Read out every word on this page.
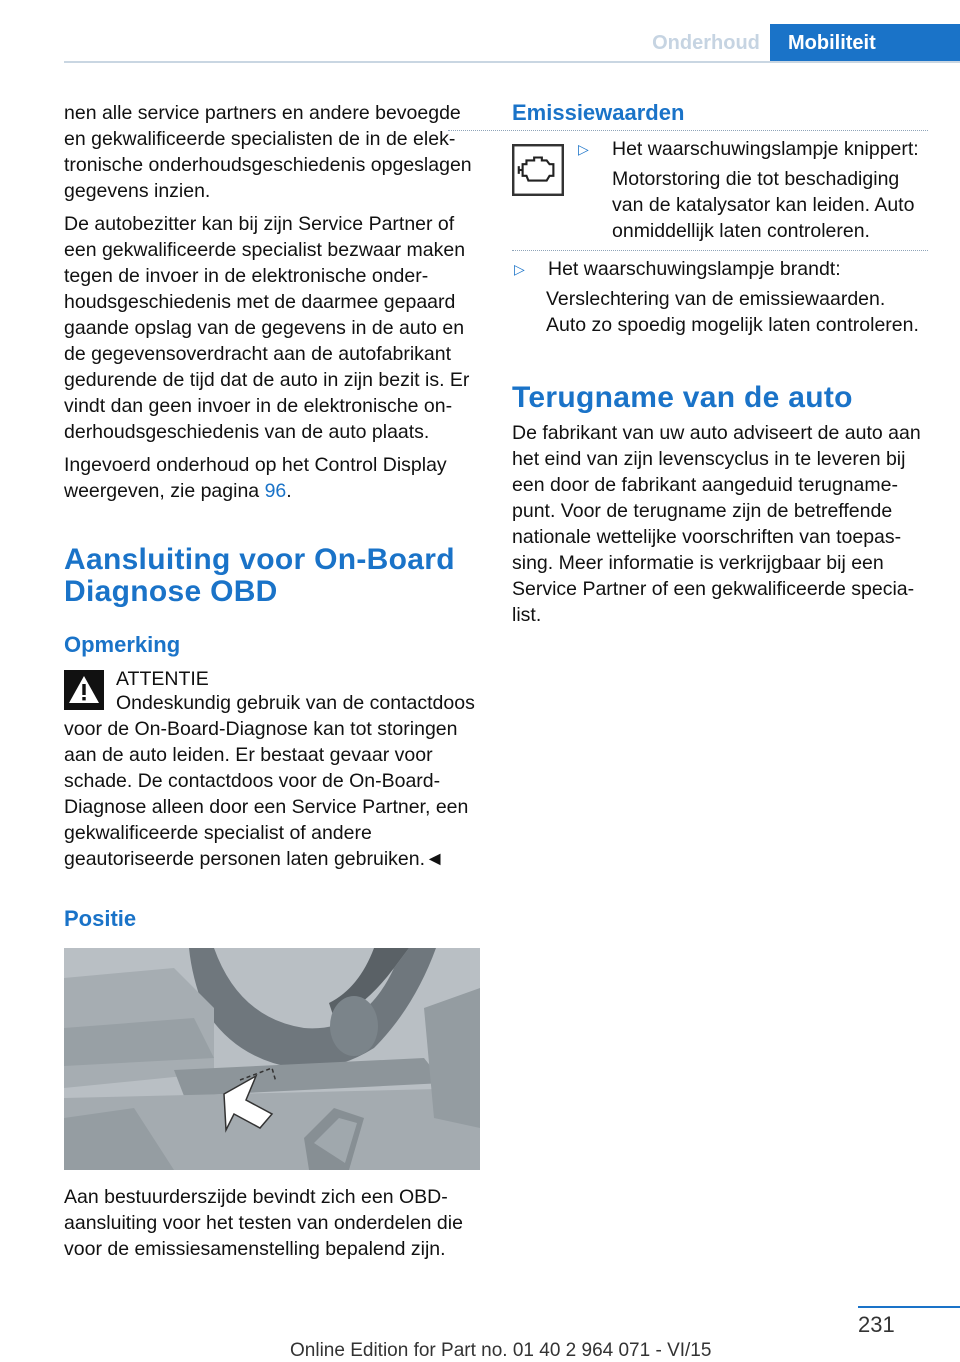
Onderhoud	Mobiliteit

nen alle service partners en andere bevoegde en gekwalificeerde specialisten de in de elektronische onderhoudsgeschiedenis opgeslagen gegevens inzien.

De autobezitter kan bij zijn Service Partner of een gekwalificeerde specialist bezwaar maken tegen de invoer in de elektronische onderhoudsgeschiedenis met de daarmee gepaard gaande opslag van de gegevens in de auto en de gegevensoverdracht aan de autofabrikant gedurende de tijd dat de auto in zijn bezit is. Er vindt dan geen invoer in de elektronische onderhoudsgeschiedenis van de auto plaats.

Ingevoerd onderhoud op het Control Display weergeven, zie pagina 96.

Aansluiting voor On-Board Diagnose OBD
Opmerking
ATTENTIE

Ondeskundig gebruik van de contactdoos voor de On-Board-Diagnose kan tot storingen aan de auto leiden. Er bestaat gevaar voor schade. De contactdoos voor de On-Board-Diagnose alleen door een Service Partner, een gekwalificeerde specialist of andere geautoriseerde personen laten gebruiken.◄

Positie

Aan bestuurderszijde bevindt zich een OBD-aansluiting voor het testen van onderdelen die voor de emissiesamenstelling bepalend zijn.

Emissiewaarden
▷	Het waarschuwingslampje knippert:

Motorstoring die tot beschadiging van de katalysator kan leiden. Auto onmiddellijk laten controleren.

▷	Het waarschuwingslampje brandt:

Verslechtering van de emissiewaarden. Auto zo spoedig mogelijk laten controleren.

Terugname van de auto

De fabrikant van uw auto adviseert de auto aan het eind van zijn levenscyclus in te leveren bij een door de fabrikant aangeduid terugnamepunt. Voor de terugname zijn de betreffende nationale wettelijke voorschriften van toepassing. Meer informatie is verkrijgbaar bij een Service Partner of een gekwalificeerde specialist.

231
Online Edition for Part no. 01 40 2 964 071 - VI/15
